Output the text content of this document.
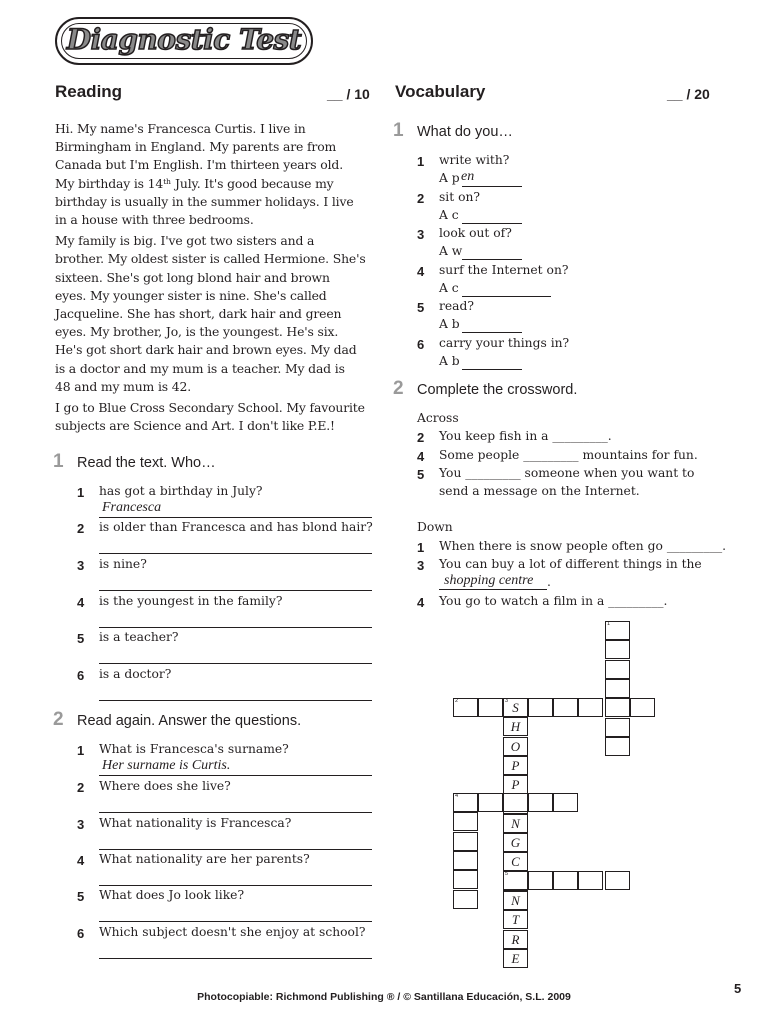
Diagnostic Test
Reading	__ / 10
Hi. My name's Francesca Curtis. I live in
Birmingham in England. My parents are from
Canada but I'm English. I'm thirteen years old.
My birthday is 14ᵗʰ July. It's good because my
birthday is usually in the summer holidays. I live
in a house with three bedrooms.
My family is big. I've got two sisters and a
brother. My oldest sister is called Hermione. She's
sixteen. She's got long blond hair and brown
eyes. My younger sister is nine. She's called
Jacqueline. She has short, dark hair and green
eyes. My brother, Jo, is the youngest. He's six.
He's got short dark hair and brown eyes. My dad
is a doctor and my mum is a teacher. My dad is
48 and my mum is 42.
I go to Blue Cross Secondary School. My favourite
subjects are Science and Art. I don't like P.E.!
1 Read the text. Who…
1 has got a birthday in July?
Francesca
2 is older than Francesca and has blond hair?
3 is nine?
4 is the youngest in the family?
5 is a teacher?
6 is a doctor?
2 Read again. Answer the questions.
1 What is Francesca's surname?
Her surname is Curtis.
2 Where does she live?
3 What nationality is Francesca?
4 What nationality are her parents?
5 What does Jo look like?
6 Which subject doesn't she enjoy at school?
Vocabulary	__ / 20
1 What do you…
1 write with?
A p en
2 sit on?
A c
3 look out of?
A w
4 surf the Internet on?
A c
5 read?
A b
6 carry your things in?
A b
2 Complete the crossword.
Across
2 You keep fish in a _________.
4 Some people _________ mountains for fun.
5 You _________ someone when you want to
send a message on the Internet.
Down
1 When there is snow people often go _________.
3 You can buy a lot of different things in the
shopping centre .
4 You go to watch a film in a _________.
1
2	S
3
H
O
P
P
N
G
C
N
T
R
E
4
5
Photocopiable: Richmond Publishing ® / © Santillana Educación, S.L. 2009
5
